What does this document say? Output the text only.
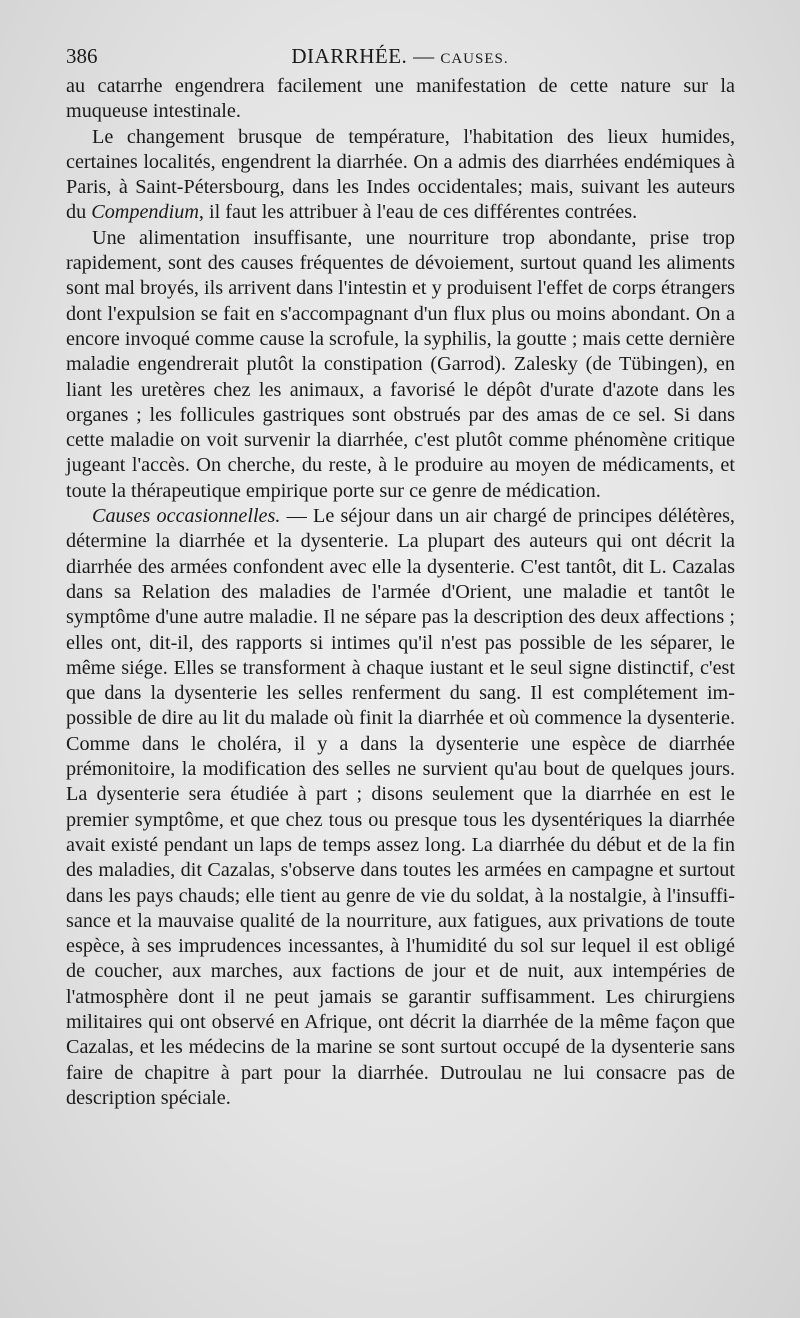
386	DIARRHÉE. — CAUSES.

au catarrhe engendrera facilement une manifestation de cette nature sur la muqueuse intestinale.

Le changement brusque de température, l'habitation des lieux humides, certaines localités, engendrent la diarrhée. On a admis des diarrhées endémiques à Paris, à Saint-Pétersbourg, dans les Indes occidentales; mais, suivant les auteurs du Compendium, il faut les attribuer à l'eau de ces différentes contrées.

Une alimentation insuffisante, une nourriture trop abondante, prise trop rapidement, sont des causes fréquentes de dévoiement, surtout quand les aliments sont mal broyés, ils arrivent dans l'intestin et y produisent l'effet de corps étrangers dont l'expulsion se fait en s'accompagnant d'un flux plus ou moins abondant. On a encore invoqué comme cause la scrofule, la syphilis, la goutte ; mais cette dernière maladie engendrerait plutôt la constipation (Garrod). Zalesky (de Tübingen), en liant les uretères chez les animaux, a favorisé le dépôt d'urate d'azote dans les organes ; les follicules gastriques sont obstrués par des amas de ce sel. Si dans cette maladie on voit survenir la diarrhée, c'est plutôt comme phénomène critique jugeant l'accès. On cherche, du reste, à le produire au moyen de médicaments, et toute la thérapeutique empirique porte sur ce genre de médication.

Causes occasionnelles. — Le séjour dans un air chargé de principes délétères, détermine la diarrhée et la dysenterie. La plupart des auteurs qui ont décrit la diarrhée des armées confondent avec elle la dysenterie. C'est tantôt, dit L. Cazalas dans sa Relation des maladies de l'armée d'Orient, une maladie et tantôt le symptôme d'une autre maladie. Il ne sépare pas la description des deux affections ; elles ont, dit-il, des rapports si intimes qu'il n'est pas possible de les séparer, le même siége. Elles se transforment à chaque iustant et le seul signe distinctif, c'est que dans la dysenterie les selles renferment du sang. Il est complétement impossible de dire au lit du malade où finit la diarrhée et où commence la dysenterie. Comme dans le choléra, il y a dans la dysenterie une espèce de diarrhée prémonitoire, la modification des selles ne survient qu'au bout de quelques jours. La dysenterie sera étudiée à part ; disons seulement que la diarrhée en est le premier symptôme, et que chez tous ou presque tous les dysentériques la diarrhée avait existé pendant un laps de temps assez long. La diarrhée du début et de la fin des maladies, dit Cazalas, s'observe dans toutes les armées en campagne et surtout dans les pays chauds; elle tient au genre de vie du soldat, à la nostalgie, à l'insuffisance et la mauvaise qualité de la nourriture, aux fatigues, aux privations de toute espèce, à ses imprudences incessantes, à l'humidité du sol sur lequel il est obligé de coucher, aux marches, aux factions de jour et de nuit, aux intempéries de l'atmosphère dont il ne peut jamais se garantir suffisamment. Les chirurgiens militaires qui ont observé en Afrique, ont décrit la diarrhée de la même façon que Cazalas, et les médecins de la marine se sont surtout occupé de la dysenterie sans faire de chapitre à part pour la diarrhée. Dutroulau ne lui consacre pas de description spéciale.
